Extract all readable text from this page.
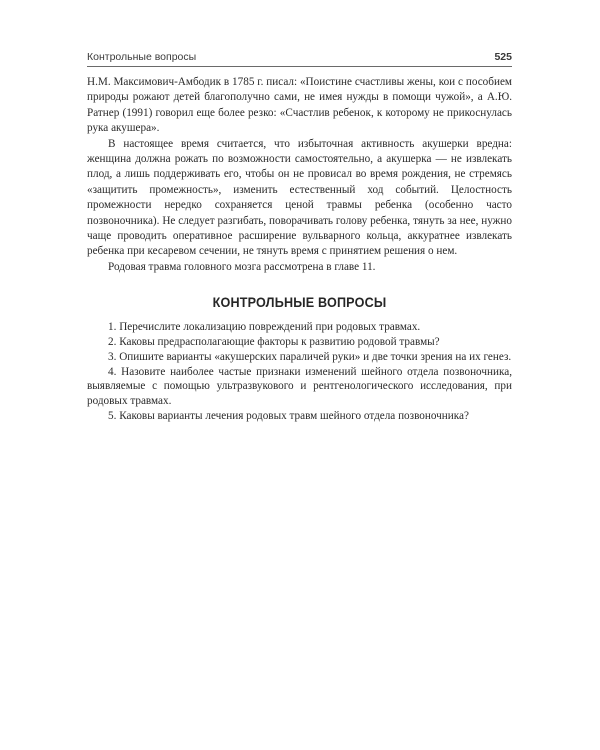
Контрольные вопросы	525

Н.М. Максимович-Амбодик в 1785 г. писал: «Поистине счастливы жены, кои с пособием природы рожают детей благополучно сами, не имея нужды в помощи чужой», а А.Ю. Ратнер (1991) говорил еще более резко: «Счастлив ребенок, к которому не прикоснулась рука акушера».

В настоящее время считается, что избыточная активность акушерки вредна: женщина должна рожать по возможности самостоятельно, а акушерка — не извлекать плод, а лишь поддерживать его, чтобы он не провисал во время рождения, не стремясь «защитить промежность», изменить естественный ход событий. Целостность промежности нередко сохраняется ценой травмы ребенка (особенно часто позвоночника). Не следует разгибать, поворачивать голову ребенка, тянуть за нее, нужно чаще проводить оперативное расширение вульварного кольца, аккуратнее извлекать ребенка при кесаревом сечении, не тянуть время с принятием решения о нем.

Родовая травма головного мозга рассмотрена в главе 11.

КОНТРОЛЬНЫЕ ВОПРОСЫ
1. Перечислите локализацию повреждений при родовых травмах.
2. Каковы предрасполагающие факторы к развитию родовой травмы?
3. Опишите варианты «акушерских параличей руки» и две точки зрения на их генез.
4. Назовите наиболее частые признаки изменений шейного отдела позвоночника, выявляемые с помощью ультразвукового и рентгенологического исследования, при родовых травмах.
5. Каковы варианты лечения родовых травм шейного отдела позвоночника?
